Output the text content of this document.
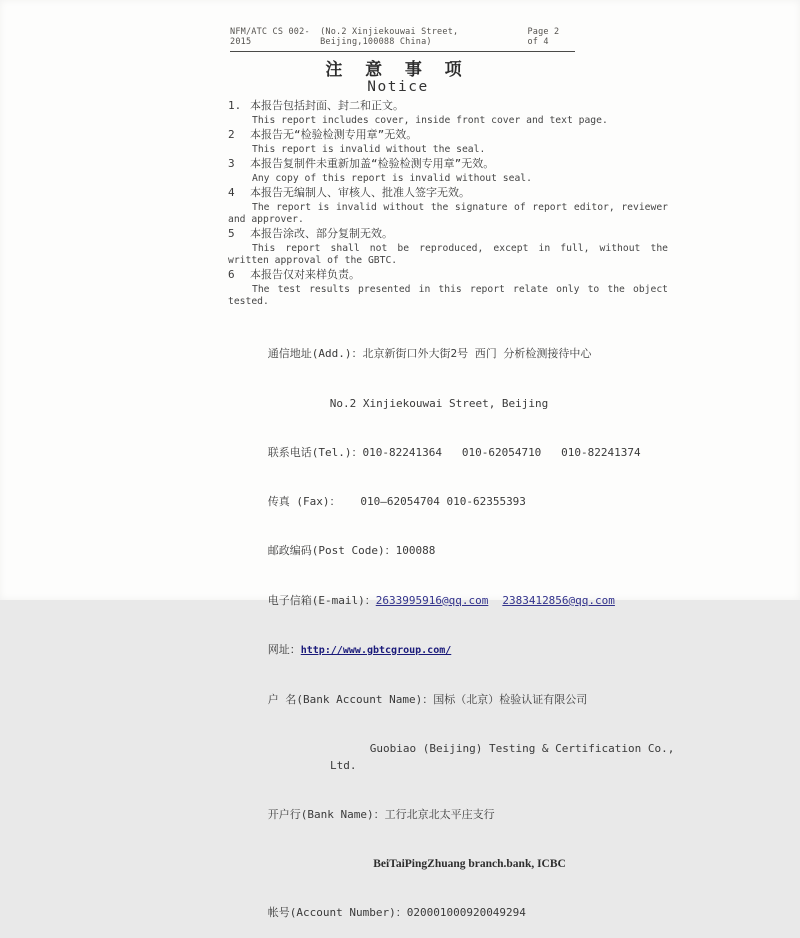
NFM/ATC CS 002-2015
(No.2 Xinjiekouwai Street, Beijing,100088 China)
Page 2 of 4
注 意 事 项
Notice
1. 本报告包括封面、封二和正文。
This report includes cover, inside front cover and text page.
2	本报告无“检验检测专用章”无效。
This report is invalid without the seal.
3	本报告复制件未重新加盖“检验检测专用章”无效。
Any copy of this report is invalid without seal.
4	本报告无编制人、审核人、批准人签字无效。
The report is invalid without the signature of report editor, reviewer and approver.
5	本报告涂改、部分复制无效。
This report shall not be reproduced, except in full, without the written approval of the GBTC.
6	本报告仅对来样负责。
The test results presented in this report relate only to the object tested.

通信地址(Add.)：北京新街口外大街2号 西门 分析检测接待中心

No.2 Xinjiekouwai Street, Beijing

联系电话(Tel.)：010-82241364   010-62054710   010-82241374

传真 (Fax)：   010—62054704 010-62355393

邮政编码(Post Code)：100088

电子信箱(E-mail)：2633995916@qq.com 2383412856@qq.com

网址：http://www.gbtcgroup.com/

户 名(Bank Account Name)：国标（北京）检验认证有限公司

Guobiao (Beijing) Testing & Certification Co., Ltd.

开户行(Bank Name)：工行北京北太平庄支行

BeiTaiPingZhuang branch.bank, ICBC

帐号(Account Number)：020001000920049294
